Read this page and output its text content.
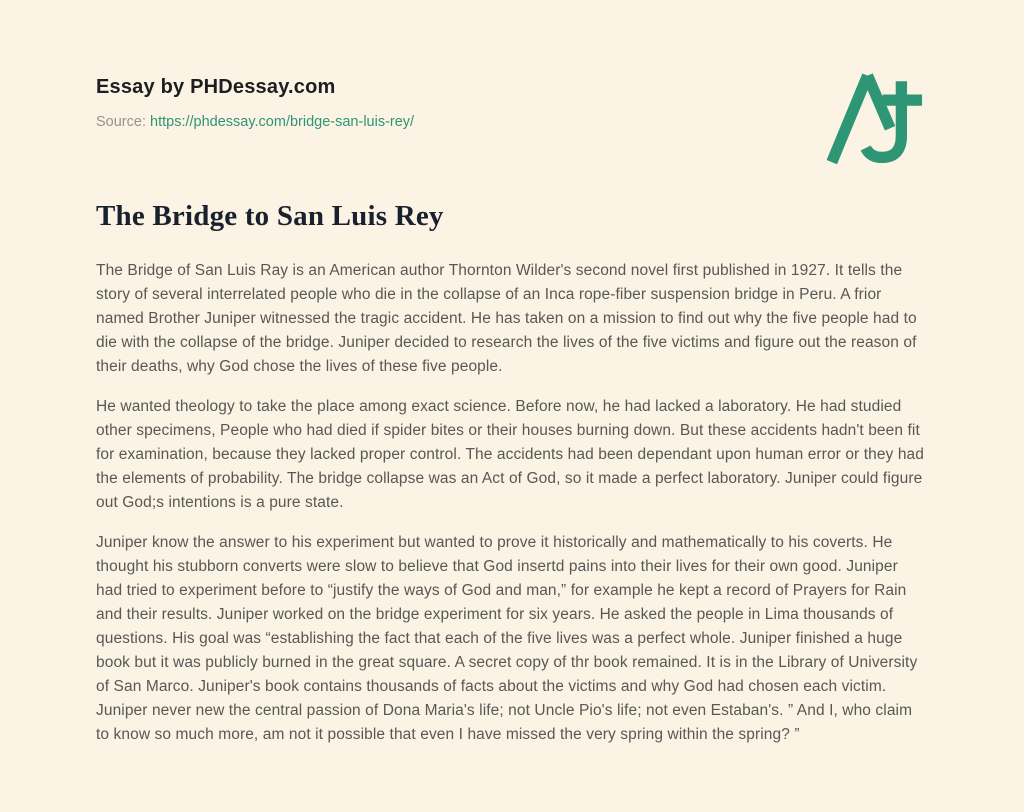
Essay by PHDessay.com
Source: https://phdessay.com/bridge-san-luis-rey/
The Bridge to San Luis Rey

The Bridge of San Luis Ray is an American author Thornton Wilder's second novel first published in 1927. It tells the story of several interrelated people who die in the collapse of an Inca rope-fiber suspension bridge in Peru. A frior named Brother Juniper witnessed the tragic accident. He has taken on a mission to find out why the five people had to die with the collapse of the bridge. Juniper decided to research the lives of the five victims and figure out the reason of their deaths, why God chose the lives of these five people.

He wanted theology to take the place among exact science. Before now, he had lacked a laboratory. He had studied other specimens, People who had died if spider bites or their houses burning down. But these accidents hadn't been fit for examination, because they lacked proper control. The accidents had been dependant upon human error or they had the elements of probability. The bridge collapse was an Act of God, so it made a perfect laboratory. Juniper could figure out God;s intentions is a pure state.

Juniper know the answer to his experiment but wanted to prove it historically and mathematically to his coverts. He thought his stubborn converts were slow to believe that God insertd pains into their lives for their own good. Juniper had tried to experiment before to “justify the ways of God and man,” for example he kept a record of Prayers for Rain and their results. Juniper worked on the bridge experiment for six years. He asked the people in Lima thousands of questions. His goal was “establishing the fact that each of the five lives was a perfect whole. Juniper finished a huge book but it was publicly burned in the great square. A secret copy of thr book remained. It is in the Library of University of San Marco. Juniper's book contains thousands of facts about the victims and why God had chosen each victim. Juniper never new the central passion of Dona Maria's life; not Uncle Pio's life; not even Estaban's. ” And I, who claim to know so much more, am not it possible that even I have missed the very spring within the spring? ”
